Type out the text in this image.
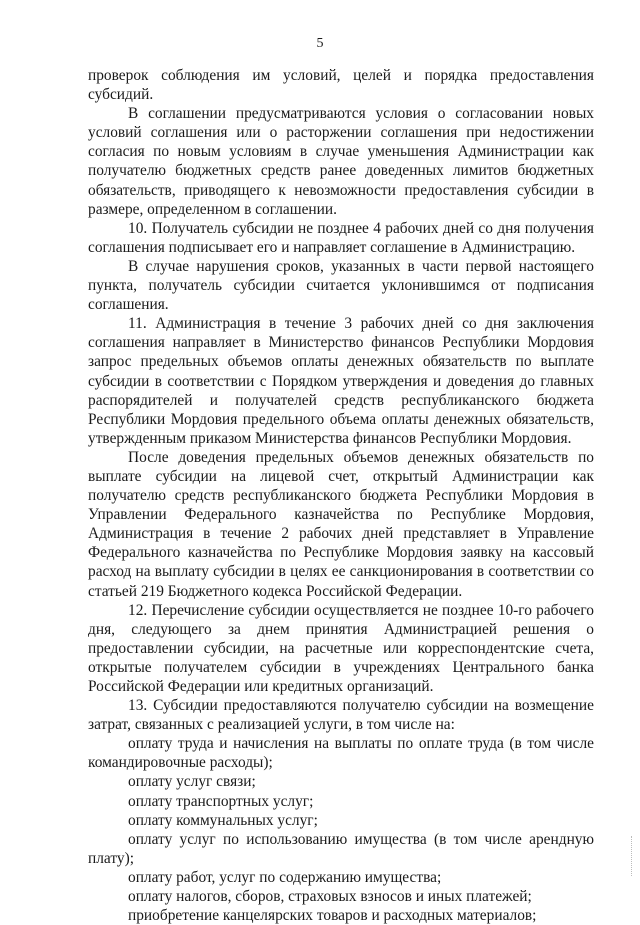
5

проверок соблюдения им условий, целей и порядка предоставления субсидий.

В соглашении предусматриваются условия о согласовании новых условий соглашения или о расторжении соглашения при недостижении согласия по новым условиям в случае уменьшения Администрации как получателю бюджетных средств ранее доведенных лимитов бюджетных обязательств, приводящего к невозможности предоставления субсидии в размере, определенном в соглашении.

10. Получатель субсидии не позднее 4 рабочих дней со дня получения соглашения подписывает его и направляет соглашение в Администрацию.

В случае нарушения сроков, указанных в части первой настоящего пункта, получатель субсидии считается уклонившимся от подписания соглашения.

11. Администрация в течение 3 рабочих дней со дня заключения соглашения направляет в Министерство финансов Республики Мордовия запрос предельных объемов оплаты денежных обязательств по выплате субсидии в соответствии с Порядком утверждения и доведения до главных распорядителей и получателей средств республиканского бюджета Республики Мордовия предельного объема оплаты денежных обязательств, утвержденным приказом Министерства финансов Республики Мордовия.

После доведения предельных объемов денежных обязательств по выплате субсидии на лицевой счет, открытый Администрации как получателю средств республиканского бюджета Республики Мордовия в Управлении Федерального казначейства по Республике Мордовия, Администрация в течение 2 рабочих дней представляет в Управление Федерального казначейства по Республике Мордовия заявку на кассовый расход на выплату субсидии в целях ее санкционирования в соответствии со статьей 219 Бюджетного кодекса Российской Федерации.

12. Перечисление субсидии осуществляется не позднее 10-го рабочего дня, следующего за днем принятия Администрацией решения о предоставлении субсидии, на расчетные или корреспондентские счета, открытые получателем субсидии в учреждениях Центрального банка Российской Федерации или кредитных организаций.

13. Субсидии предоставляются получателю субсидии на возмещение затрат, связанных с реализацией услуги, в том числе на:

оплату труда и начисления на выплаты по оплате труда (в том числе командировочные расходы);

оплату услуг связи;

оплату транспортных услуг;

оплату коммунальных услуг;

оплату услуг по использованию имущества (в том числе арендную плату);

оплату работ, услуг по содержанию имущества;

оплату налогов, сборов, страховых взносов и иных платежей;

приобретение канцелярских товаров и расходных материалов;
